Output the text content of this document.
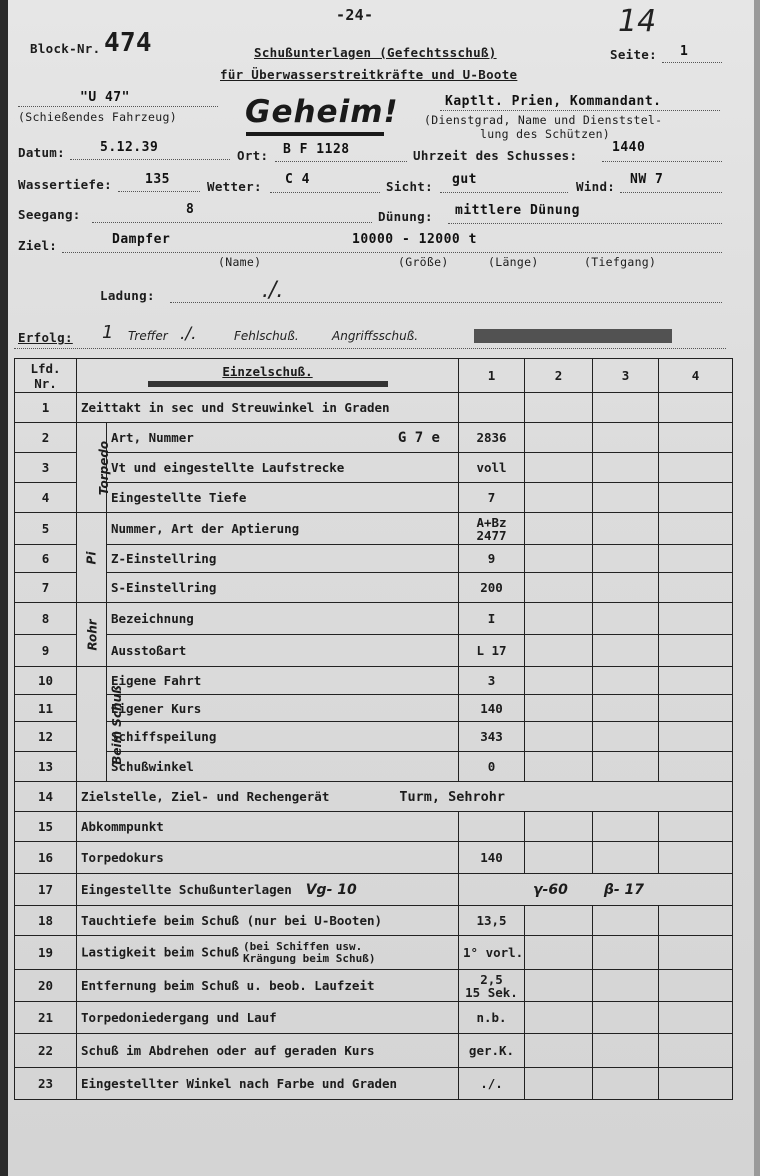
-24-	14
Block-Nr. 474	Schußunterlagen (Gefechtsschuß)
für Überwasserstreitkräfte und U-Boote
Seite: 1
"U 47"
(Schießendes Fahrzeug) Geheim!	Kaptlt. Prien, Kommandant.
(Dienstgrad, Name und Dienststel-
lung des Schützen)
Datum:	5.12.39
Ort: B F 1128	Uhrzeit des Schusses:
1440
Wassertiefe:	135	Wetter: C 4	Sicht: gut	Wind: NW 7
Seegang:	8	Dünung: mittlere Dünung
Ziel:	Dampfer	10000 - 12000 t
(Name)	(Größe)	(Länge)	(Tiefgang)
Ladung:	./.
Erfolg: 1 Treffer ./.	Fehlschuß.	Angriffsschuß.
Lfd.
Nr.	Einzelschuß.		1	2	3	4
1	Zeittakt in sec und Streuwinkel in Graden					
2	Torpedo	Art, Nummer G 7 e	2836			
3		Vt und eingestellte Laufstrecke	voll			
4		Eingestellte Tiefe	7			
5	Pi	Nummer, Art der Aptierung	A+Bz
2477			

6		Z-Einstellring	9			
7		S-Einstellring	200			
8	Rohr	Bezeichnung	I			
9		Ausstoßart	L 17			
10	Beim Schuß	Eigene Fahrt	3			
11		Eigener Kurs	140			
12		Schiffspeilung	343			
13		Schußwinkel	0			
14	Zielstelle, Ziel- und Rechengerät Turm, Sehrohr					
15	Abkommpunkt					
16	Torpedokurs		140			
17	Eingestellte Schußunterlagen Vg- 10		γ-60 β- 17			
18	Tauchtiefe beim Schuß (nur bei U-Booten)		13,5			
19	Lastigkeit beim Schuß (bei Schiffen usw.
Krängung beim Schuß)		1° vorl.			
20	Entfernung beim Schuß u. beob. Laufzeit		2,5
15 Sek.			

21	Torpedoniedergang und Lauf		n.b.			
22	Schuß im Abdrehen oder auf geraden Kurs		ger.K.			
23	Eingestellter Winkel nach Farbe und Graden		./.			
